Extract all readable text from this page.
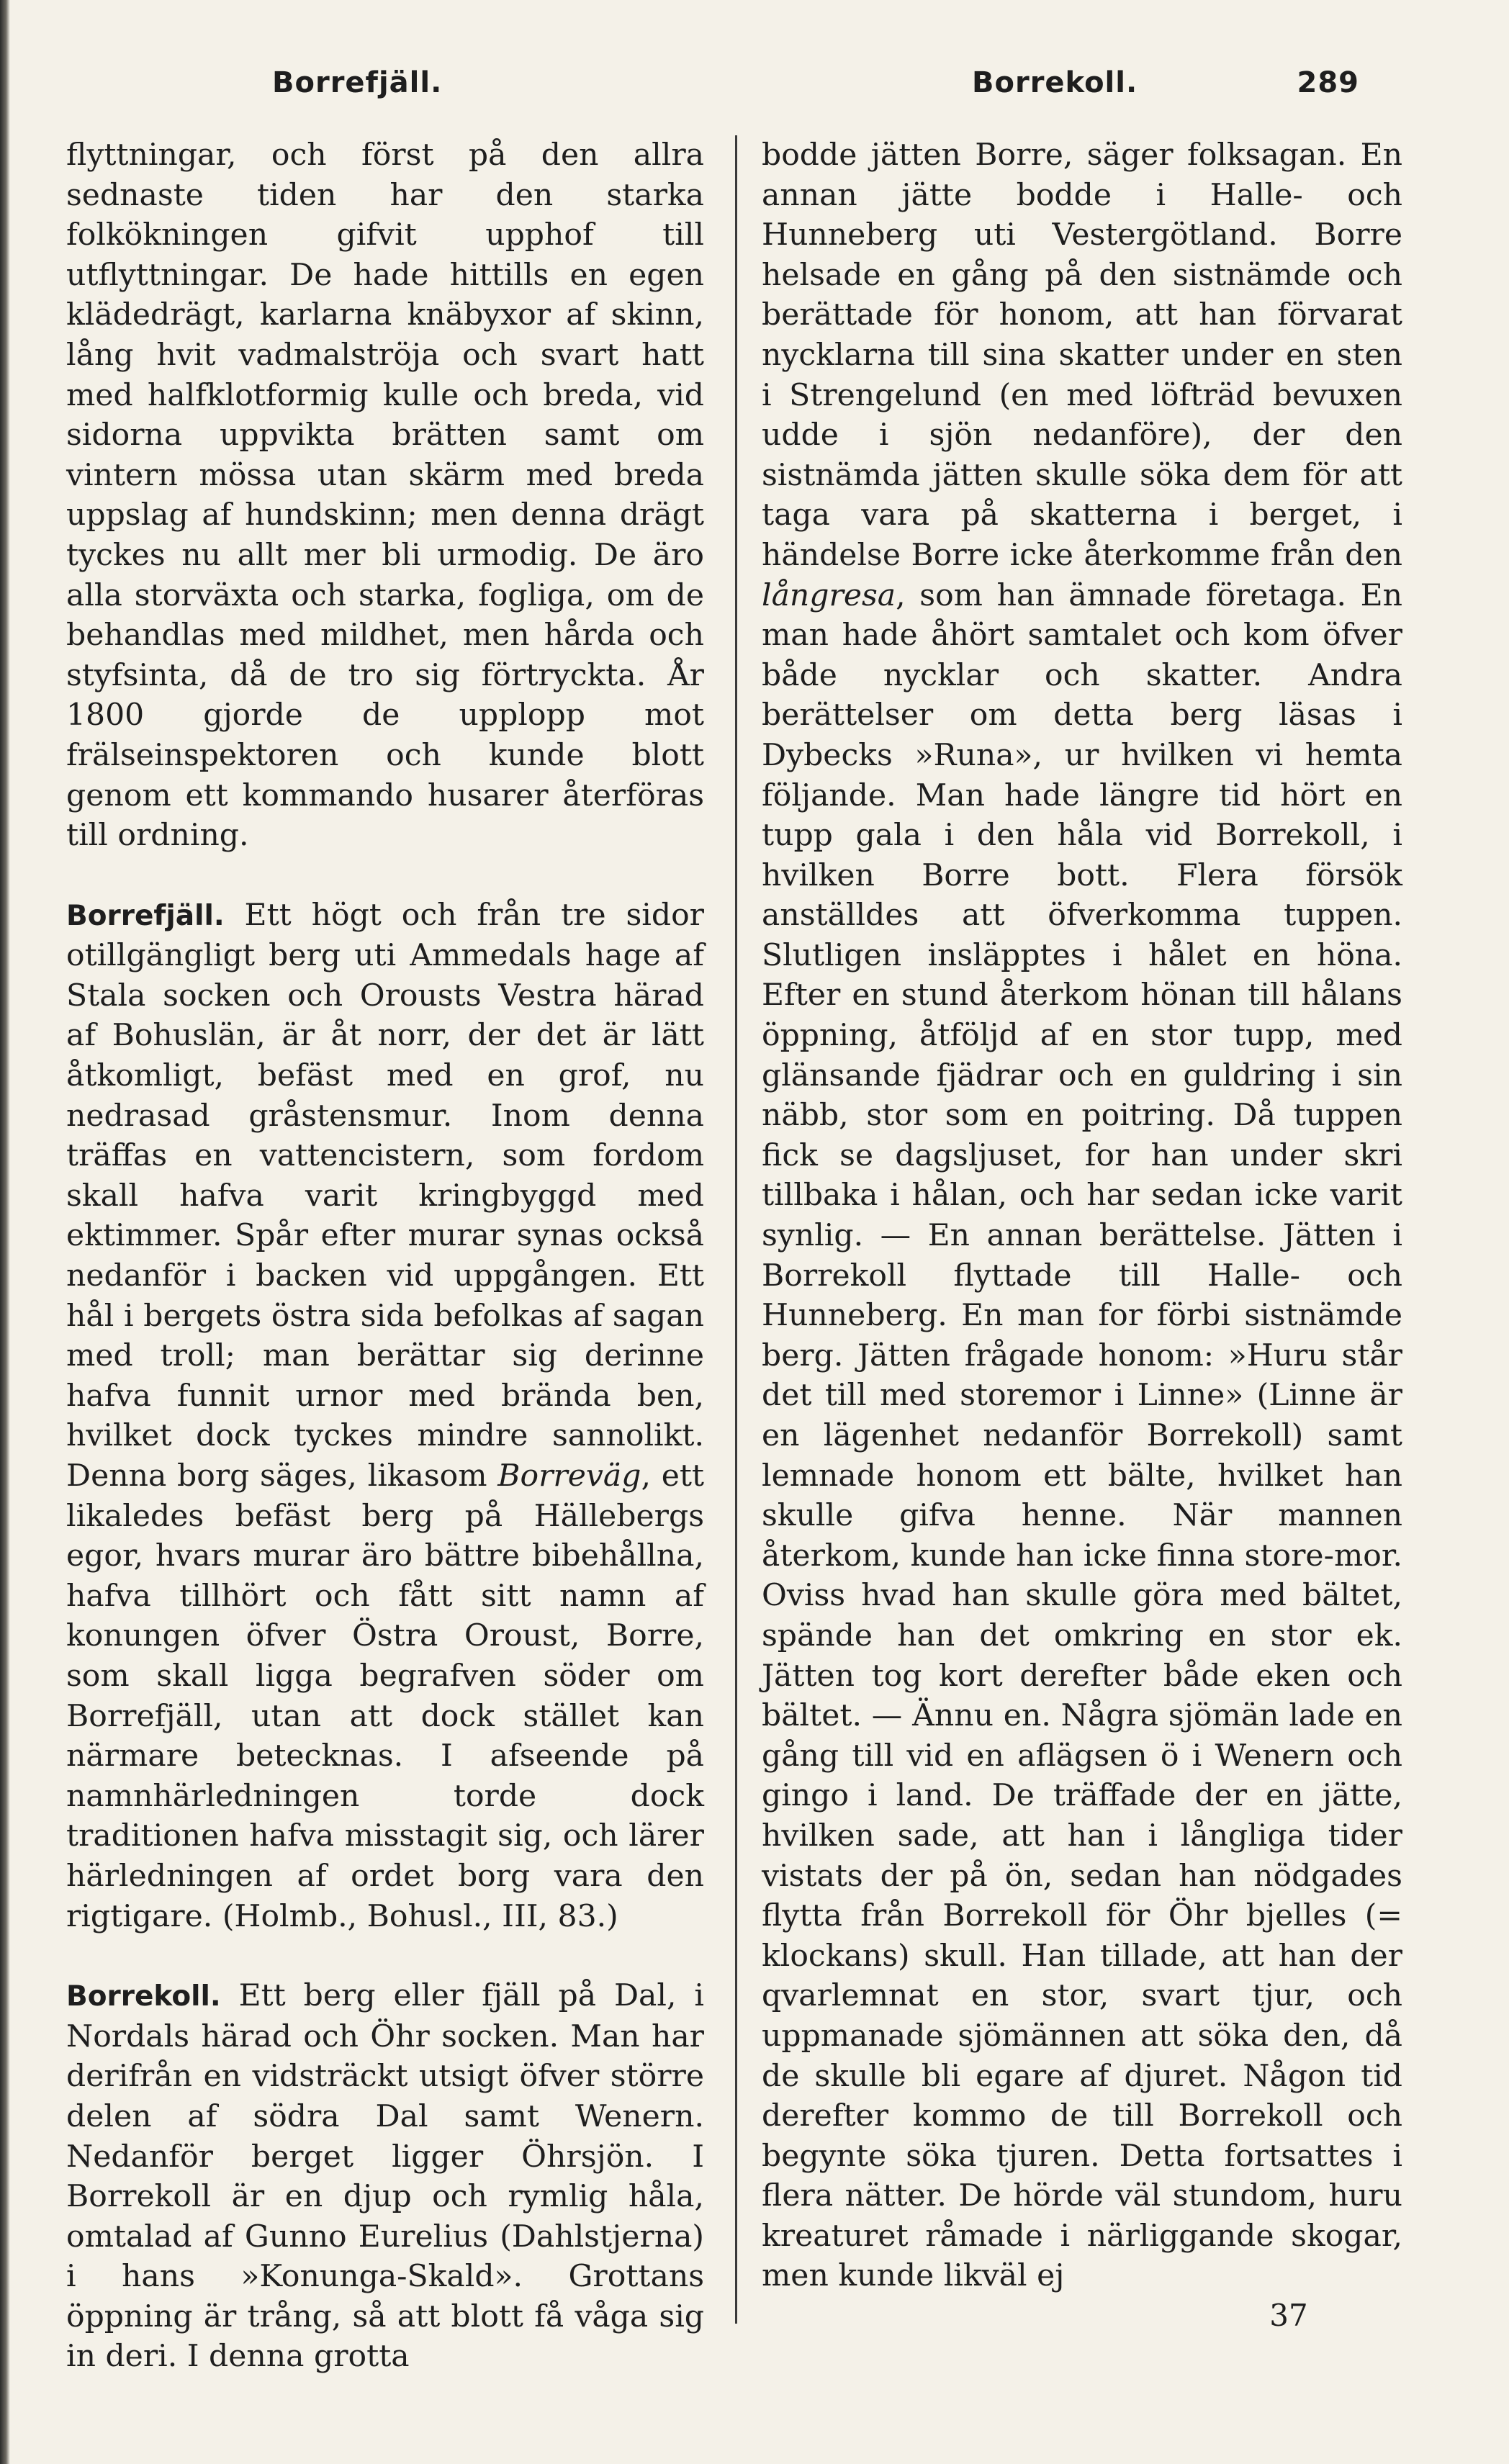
Borrefjäll.	Borrekoll.	289

flyttningar, och först på den allra sednaste tiden har den starka folkökningen gifvit upphof till utflyttningar. De hade hittills en egen klädedrägt, karlarna knäbyxor af skinn, lång hvit vadmalströja och svart hatt med halfklotformig kulle och breda, vid sidorna uppvikta brätten samt om vintern mössa utan skärm med breda uppslag af hundskinn; men denna drägt tyckes nu allt mer bli urmodig. De äro alla storväxta och starka, fogliga, om de behandlas med mildhet, men hårda och styfsinta, då de tro sig förtryckta. År 1800 gjorde de upplopp mot frälseinspektoren och kunde blott genom ett kommando husarer återföras till ordning.

Borrefjäll. Ett högt och från tre sidor otillgängligt berg uti Ammedals hage af Stala socken och Orousts Vestra härad af Bohuslän, är åt norr, der det är lätt åtkomligt, befäst med en grof, nu nedrasad gråstensmur. Inom denna träffas en vattencistern, som fordom skall hafva varit kringbyggd med ektimmer. Spår efter murar synas också nedanför i backen vid uppgången. Ett hål i bergets östra sida befolkas af sagan med troll; man berättar sig derinne hafva funnit urnor med brända ben, hvilket dock tyckes mindre sannolikt. Denna borg säges, likasom Borreväg, ett likaledes befäst berg på Hällebergs egor, hvars murar äro bättre bibehållna, hafva tillhört och fått sitt namn af konungen öfver Östra Oroust, Borre, som skall ligga begrafven söder om Borrefjäll, utan att dock stället kan närmare betecknas. I afseende på namnhärledningen torde dock traditionen hafva misstagit sig, och lärer härledningen af ordet borg vara den rigtigare. (Holmb., Bohusl., III, 83.)

Borrekoll. Ett berg eller fjäll på Dal, i Nordals härad och Öhr socken. Man har derifrån en vidsträckt utsigt öfver större delen af södra Dal samt Wenern. Nedanför berget ligger Öhrsjön. I Borrekoll är en djup och rymlig håla, omtalad af Gunno Eurelius (Dahlstjerna) i hans »Konunga-Skald». Grottans öppning är trång, så att blott få våga sig in deri. I denna grotta

bodde jätten Borre, säger folksagan. En annan jätte bodde i Halle- och Hunneberg uti Vestergötland. Borre helsade en gång på den sistnämde och berättade för honom, att han förvarat nycklarna till sina skatter under en sten i Strengelund (en med löfträd bevuxen udde i sjön nedanföre), der den sistnämda jätten skulle söka dem för att taga vara på skatterna i berget, i händelse Borre icke återkomme från den långresa, som han ämnade företaga. En man hade åhört samtalet och kom öfver både nycklar och skatter. Andra berättelser om detta berg läsas i Dybecks »Runa», ur hvilken vi hemta följande. Man hade längre tid hört en tupp gala i den håla vid Borrekoll, i hvilken Borre bott. Flera försök anställdes att öfverkomma tuppen. Slutligen insläpptes i hålet en höna. Efter en stund återkom hönan till hålans öppning, åtföljd af en stor tupp, med glänsande fjädrar och en guldring i sin näbb, stor som en poitring. Då tuppen fick se dagsljuset, for han under skri tillbaka i hålan, och har sedan icke varit synlig. — En annan berättelse. Jätten i Borrekoll flyttade till Halle- och Hunneberg. En man for förbi sistnämde berg. Jätten frågade honom: »Huru står det till med storemor i Linne» (Linne är en lägenhet nedanför Borrekoll) samt lemnade honom ett bälte, hvilket han skulle gifva henne. När mannen återkom, kunde han icke finna store-mor. Oviss hvad han skulle göra med bältet, spände han det omkring en stor ek. Jätten tog kort derefter både eken och bältet. — Ännu en. Några sjömän lade en gång till vid en aflägsen ö i Wenern och gingo i land. De träffade der en jätte, hvilken sade, att han i långliga tider vistats der på ön, sedan han nödgades flytta från Borrekoll för Öhr bjelles (= klockans) skull. Han tillade, att han der qvarlemnat en stor, svart tjur, och uppmanade sjömännen att söka den, då de skulle bli egare af djuret. Någon tid derefter kommo de till Borrekoll och begynte söka tjuren. Detta fortsattes i flera nätter. De hörde väl stundom, huru kreaturet råmade i närliggande skogar, men kunde likväl ej

37
